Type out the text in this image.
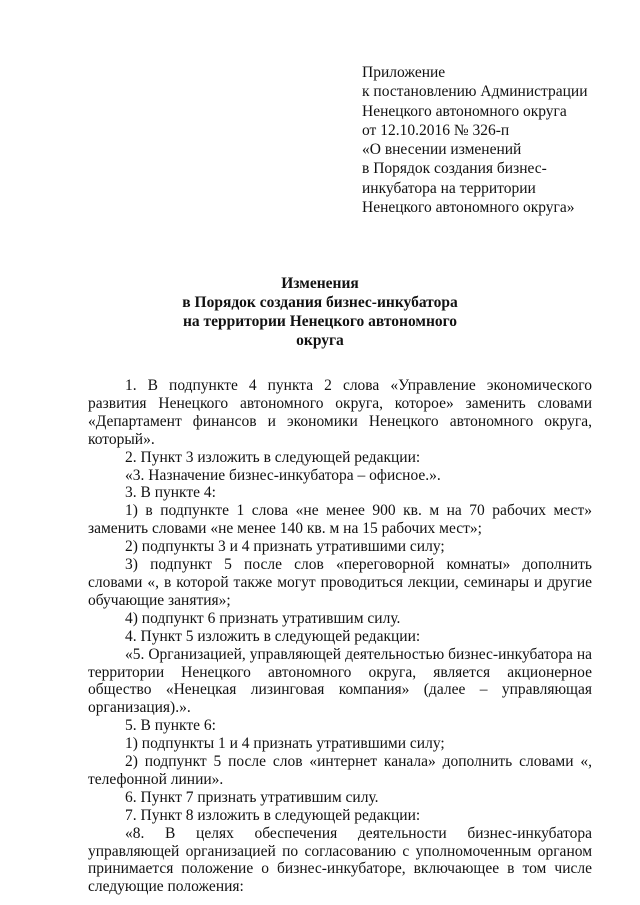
Приложение
к постановлению Администрации
Ненецкого автономного округа
от 12.10.2016 № 326-п
«О внесении изменений
в Порядок создания бизнес-
инкубатора на территории
Ненецкого автономного округа»
Изменения
в Порядок создания бизнес-инкубатора
на территории Ненецкого автономного
округа

1. В подпункте 4 пункта 2 слова «Управление экономического развития Ненецкого автономного округа, которое» заменить словами «Департамент финансов и экономики Ненецкого автономного округа, который».

2. Пункт 3 изложить в следующей редакции:

«3. Назначение бизнес-инкубатора – офисное.».

3. В пункте 4:

1) в подпункте 1 слова «не менее 900 кв. м на 70 рабочих мест» заменить словами «не менее 140 кв. м на 15 рабочих мест»;

2) подпункты 3 и 4 признать утратившими силу;

3) подпункт 5 после слов «переговорной комнаты» дополнить словами «, в которой также могут проводиться лекции, семинары и другие обучающие занятия»;

4) подпункт 6 признать утратившим силу.

4. Пункт 5 изложить в следующей редакции:

«5. Организацией, управляющей деятельностью бизнес-инкубатора на территории Ненецкого автономного округа, является акционерное общество «Ненецкая лизинговая компания» (далее – управляющая организация).».

5. В пункте 6:

1) подпункты 1 и 4 признать утратившими силу;

2) подпункт 5 после слов «интернет канала» дополнить словами «, телефонной линии».

6. Пункт 7 признать утратившим силу.

7. Пункт 8 изложить в следующей редакции:

«8. В целях обеспечения деятельности бизнес-инкубатора управляющей организацией по согласованию с уполномоченным органом принимается положение о бизнес-инкубаторе, включающее в том числе следующие положения:
